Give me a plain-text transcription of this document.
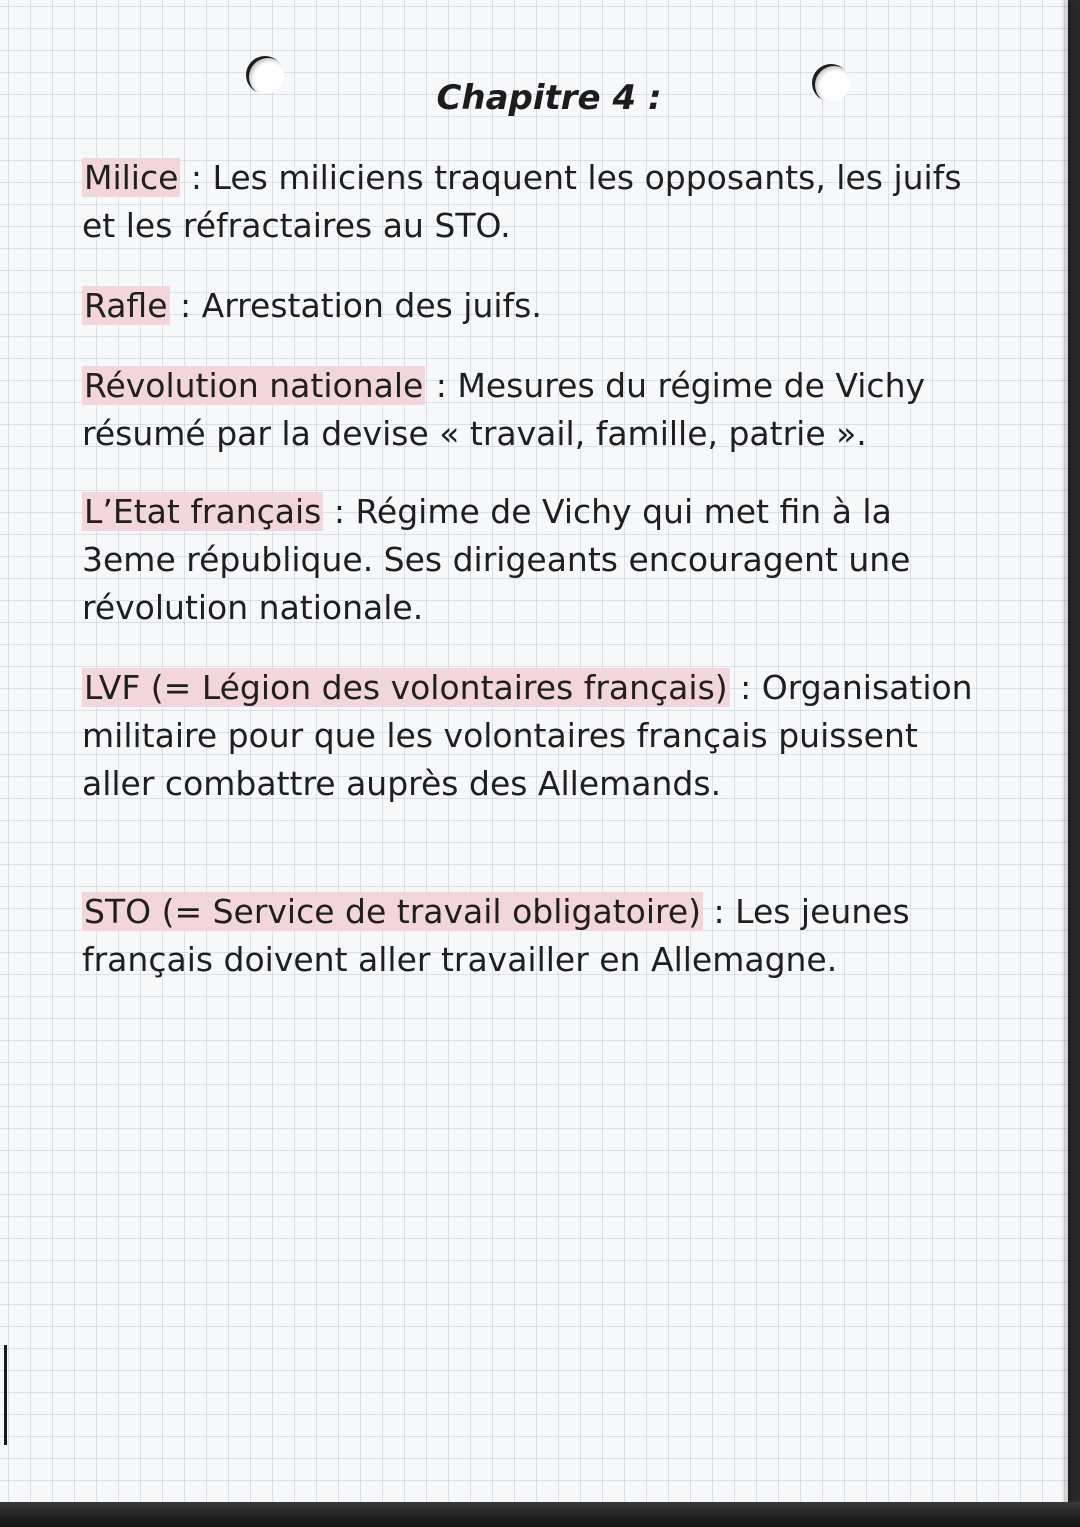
Chapitre 4 :

Milice : Les miliciens traquent les opposants, les juifs et les réfractaires au STO.

Rafle : Arrestation des juifs.

Révolution nationale : Mesures du régime de Vichy résumé par la devise « travail, famille, patrie ».

L’Etat français : Régime de Vichy qui met fin à la 3eme république. Ses dirigeants encouragent une révolution nationale.

LVF (= Légion des volontaires français) : Organisation militaire pour que les volontaires français puissent aller combattre auprès des Allemands.

STO (= Service de travail obligatoire) : Les jeunes français doivent aller travailler en Allemagne.
